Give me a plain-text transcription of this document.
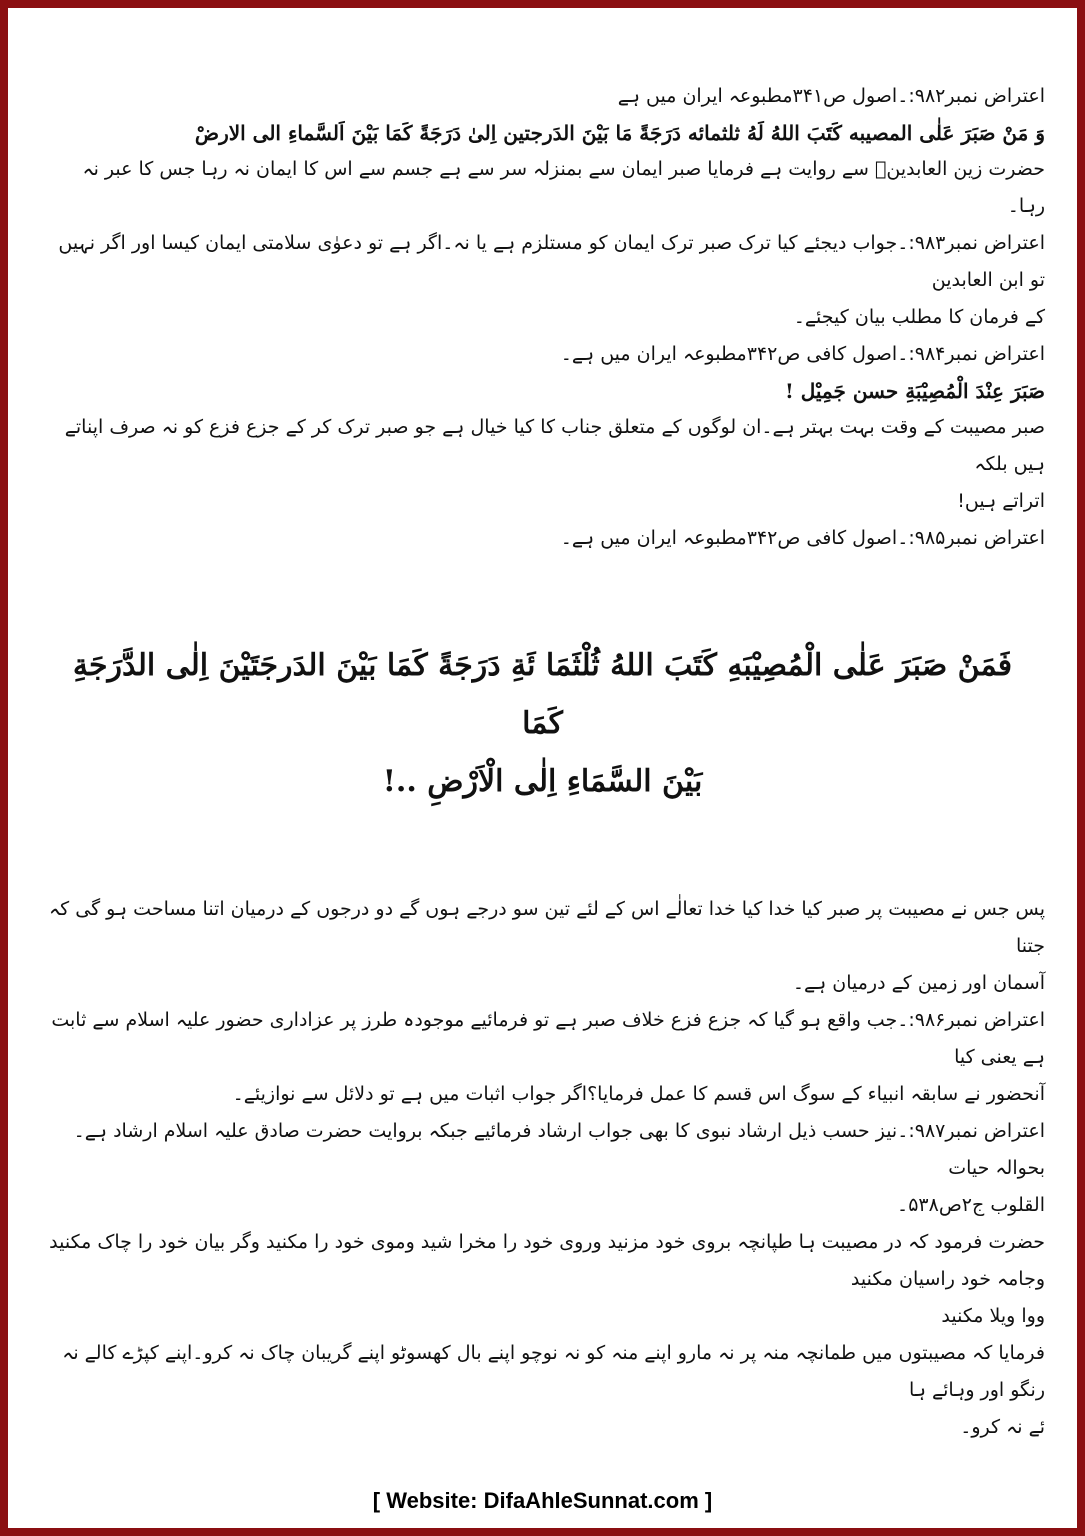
اعتراض نمبر۹۸۲:۔اصول ص۳۴۱مطبوعہ ایران میں ہے

وَ مَنْ صَبَرَ عَلٰى المصيبه كَتَبَ اللهُ لَهُ ثلثمائه دَرَجَةً مَا بَيْنَ الدَرجتين اِلىٰ دَرَجَةً كَمَا بَيْنَ اَلسَّماءِ الى الارضْ

حضرت زین العابدینؒ سے روایت ہے فرمایا صبر ایمان سے بمنزلہ سر سے ہے جسم سے اس کا ایمان نہ رہا جس کا عبر نہ رہا۔

اعتراض نمبر۹۸۳:۔جواب دیجئے کیا ترک صبر ترک ایمان کو مستلزم ہے یا نہ۔اگر ہے تو دعوٰی سلامتی ایمان کیسا اور اگر نہیں تو ابن العابدین

کے فرمان کا مطلب بیان کیجئے۔

اعتراض نمبر۹۸۴:۔اصول کافی ص۳۴۲مطبوعہ ایران میں ہے۔

صَبَرَ عِنْدَ الْمُصِيْبَةِ حسن جَمِيْل !

صبر مصیبت کے وقت بہت بہتر ہے۔ان لوگوں کے متعلق جناب کا کیا خیال ہے جو صبر ترک کر کے جزع فزع کو نہ صرف اپناتے ہیں بلکہ

اتراتے ہیں!

اعتراض نمبر۹۸۵:۔اصول کافی ص۳۴۲مطبوعہ ایران میں ہے۔

فَمَنْ صَبَرَ عَلٰى الْمُصِيْبَهِ كَتَبَ اللهُ ثُلْثَمَا ئَةِ دَرَجَةً كَمَا بَيْنَ الدَرجَتَيْنَ اِلٰى الدَّرَجَةِ كَمَا
بَيْنَ السَّمَاءِ اِلٰى الْاَرْضِ ..!

پس جس نے مصیبت پر صبر کیا خدا کیا خدا تعالٰے اس کے لئے تین سو درجے ہوں گے دو درجوں کے درمیان اتنا مساحت ہو گی کہ جتنا

آسمان اور زمین کے درمیان ہے۔

اعتراض نمبر۹۸۶:۔جب واقع ہو گیا کہ جزع فزع خلاف صبر ہے تو فرمائیے موجودہ طرز پر عزاداری حضور علیہ اسلام سے ثابت ہے یعنی کیا

آنحضور نے سابقہ انبیاء کے سوگ اس قسم کا عمل فرمایا؟اگر جواب اثبات میں ہے تو دلائل سے نوازیئے۔

اعتراض نمبر۹۸۷:۔نیز حسب ذیل ارشاد نبوی کا بھی جواب ارشاد فرمائیے جبکہ بروایت حضرت صادق علیہ اسلام ارشاد ہے۔بحوالہ حیات

القلوب ج۲ص۵۳۸۔

حضرت فرمود کہ در مصیبت ہا طپانچہ بروی خود مزنید وروی خود را مخرا شید وموی خود را مکنید وگر بیان خود را چاک مکنید وجامہ خود راسیان مکنید

ووا ویلا مکنید

فرمایا کہ مصیبتوں میں طمانچہ منہ پر نہ مارو اپنے منہ کو نہ نوچو اپنے بال کھسوٹو اپنے گریبان چاک نہ کرو۔اپنے کپڑے کالے نہ رنگو اور وہائے ہا

ئے نہ کرو۔

[ Website: DifaAhleSunnat.com ]
